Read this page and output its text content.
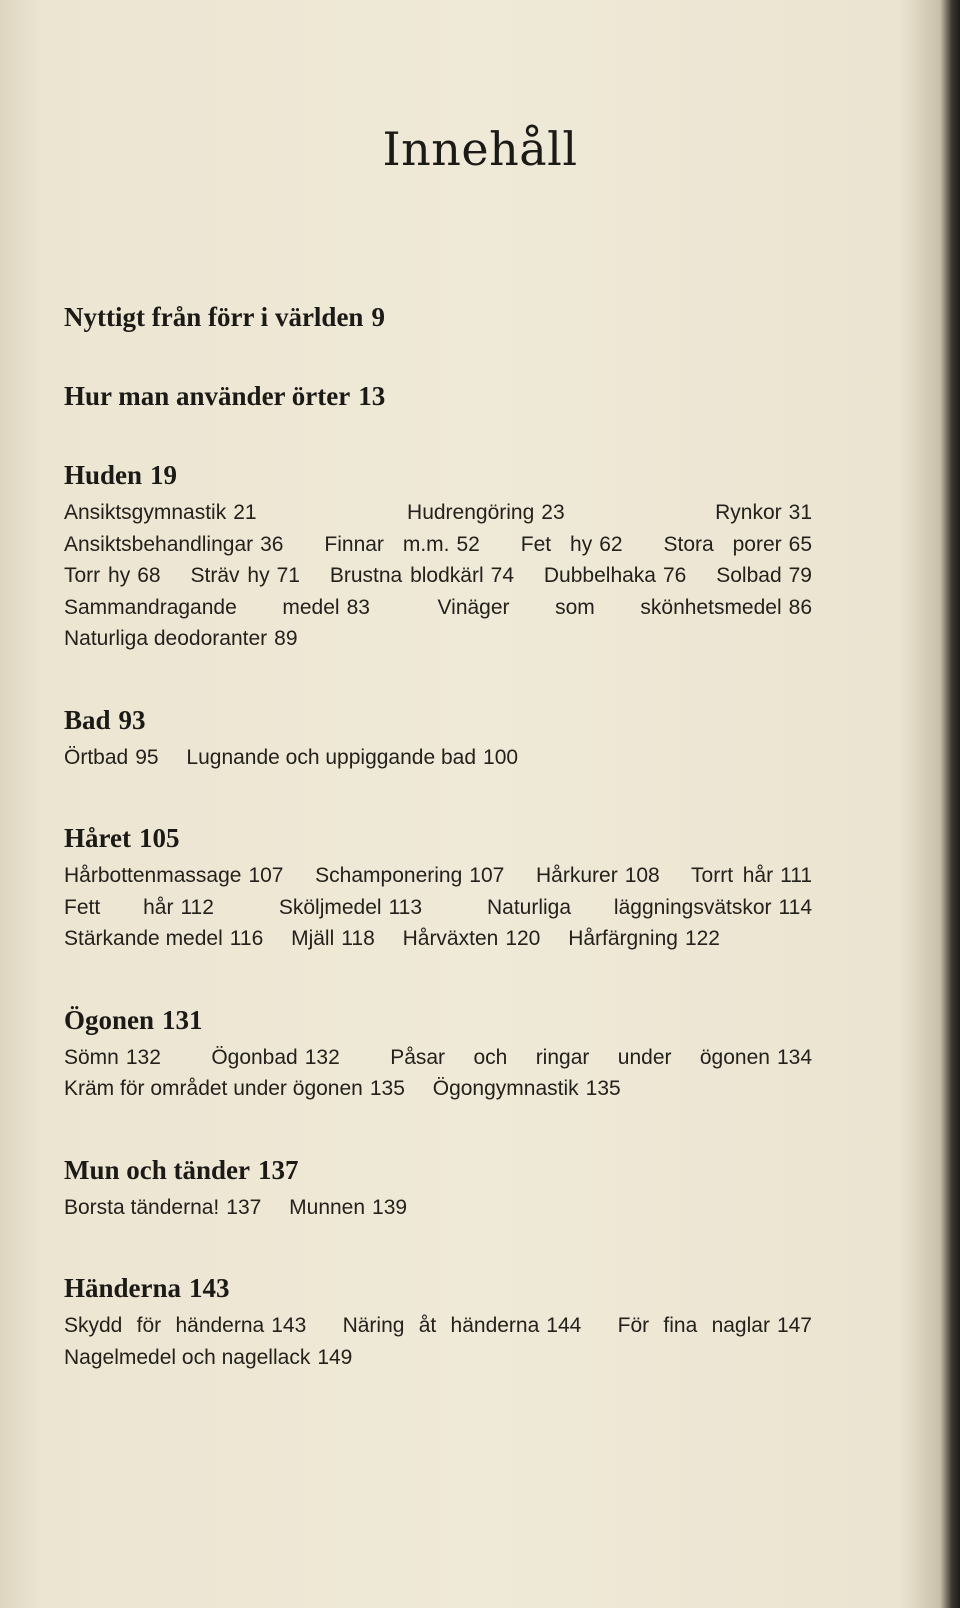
Innehåll
Nyttigt från förr i världen 9
Hur man använder örter 13
Huden 19
Ansiktsgymnastik 21	Hudrengöring 23	Rynkor 31 Ansiktsbehandlingar 36 Finnar m.m. 52 Fet hy 62 Stora porer 65 Torr hy 68 Sträv hy 71 Brustna blodkärl 74 Dubbelhaka 76 Solbad 79 Sammandragande medel 83	Vinäger som skönhetsmedel 86 Naturliga deodoranter 89
Bad 93
Örtbad 95 Lugnande och uppiggande bad 100
Håret 105
Hårbottenmassage 107 Schamponering 107 Hårkurer 108 Torrt hår 111 Fett hår 112	Sköljmedel 113	Naturliga läggningsvätskor 114 Stärkande medel 116 Mjäll 118 Hårväxten 120 Hårfärgning 122
Ögonen 131
Sömn 132 Ögonbad 132 Påsar och ringar under ögonen 134 Kräm för området under ögonen 135 Ögongymnastik 135
Mun och tänder 137
Borsta tänderna! 137 Munnen 139
Händerna 143
Skydd för händerna 143 Näring åt händerna 144 För fina naglar 147 Nagelmedel och nagellack 149
